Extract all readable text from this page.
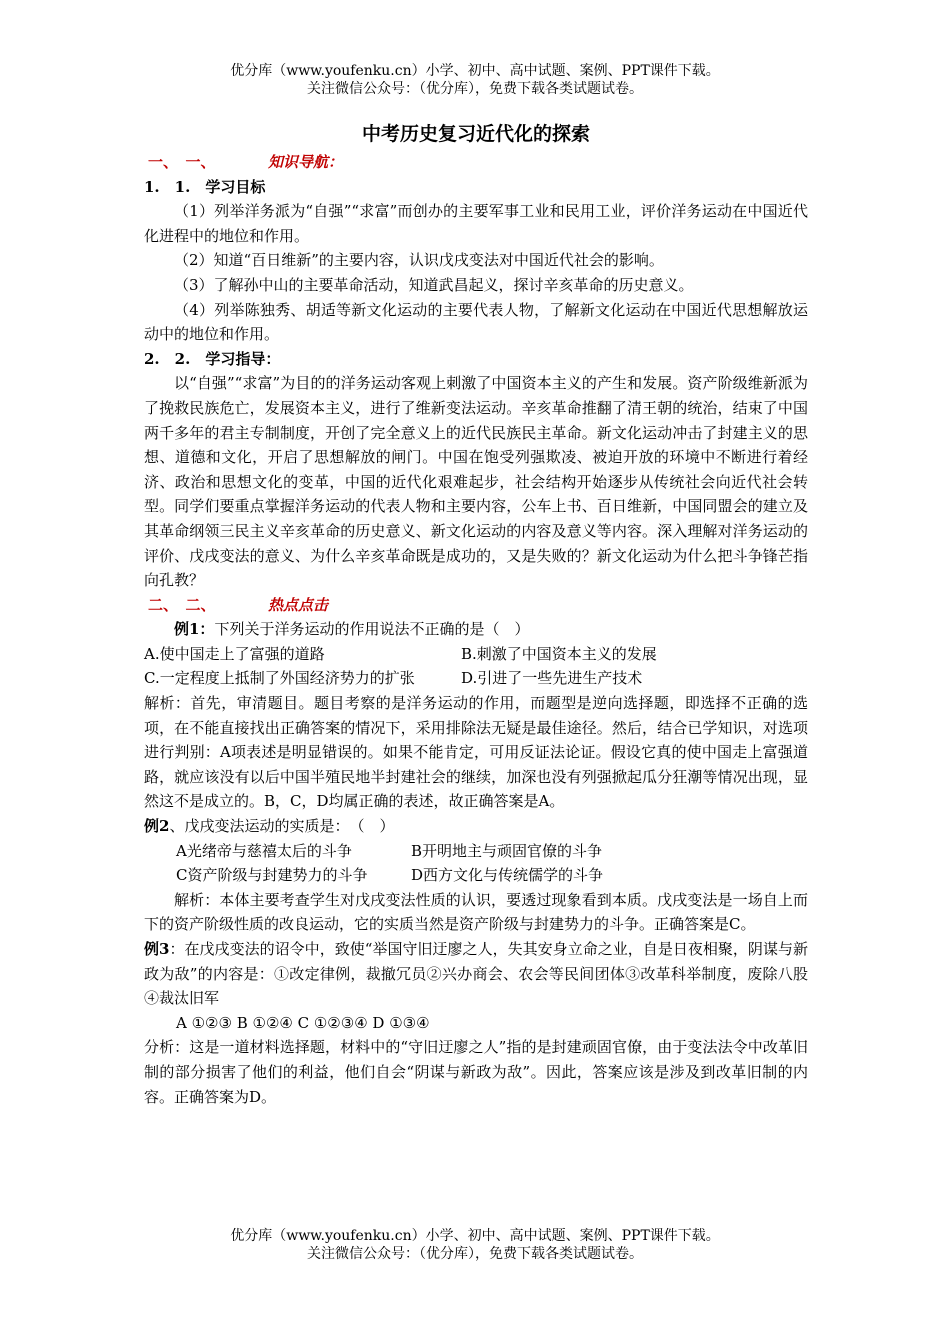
优分库（www.youfenku.cn）小学、初中、高中试题、案例、PPT课件下载。
关注微信公众号：（优分库），免费下载各类试题试卷。
中考历史复习近代化的探索

一、　一、　　　　知识导航：

1.　1.　学习目标

（1）列举洋务派为“自强”“求富”而创办的主要军事工业和民用工业，评价洋务运动在中国近代化进程中的地位和作用。

（2）知道“百日维新”的主要内容，认识戊戌变法对中国近代社会的影响。

（3）了解孙中山的主要革命活动，知道武昌起义，探讨辛亥革命的历史意义。

（4）列举陈独秀、胡适等新文化运动的主要代表人物，了解新文化运动在中国近代思想解放运动中的地位和作用。

2.　2.　学习指导：

以“自强”“求富”为目的的洋务运动客观上刺激了中国资本主义的产生和发展。资产阶级维新派为了挽救民族危亡，发展资本主义，进行了维新变法运动。辛亥革命推翻了清王朝的统治，结束了中国两千多年的君主专制制度，开创了完全意义上的近代民族民主革命。新文化运动冲击了封建主义的思想、道德和文化，开启了思想解放的闸门。中国在饱受列强欺凌、被迫开放的环境中不断进行着经济、政治和思想文化的变革，中国的近代化艰难起步，社会结构开始逐步从传统社会向近代社会转型。同学们要重点掌握洋务运动的代表人物和主要内容，公车上书、百日维新，中国同盟会的建立及其革命纲领三民主义辛亥革命的历史意义、新文化运动的内容及意义等内容。深入理解对洋务运动的评价、戊戌变法的意义、为什么辛亥革命既是成功的，又是失败的？新文化运动为什么把斗争锋芒指向孔教？

二、　二、　　　　热点点击

例1：下列关于洋务运动的作用说法不正确的是（　）

A.使中国走上了富强的道路	B.刺激了中国资本主义的发展
C.一定程度上抵制了外国经济势力的扩张	D.引进了一些先进生产技术

解析：首先，审清题目。题目考察的是洋务运动的作用，而题型是逆向选择题，即选择不正确的选项，在不能直接找出正确答案的情况下，采用排除法无疑是最佳途径。然后，结合已学知识，对选项进行判别：A项表述是明显错误的。如果不能肯定，可用反证法论证。假设它真的使中国走上富强道路，就应该没有以后中国半殖民地半封建社会的继续，加深也没有列强掀起瓜分狂潮等情况出现，显然这不是成立的。B，C，D均属正确的表述，故正确答案是A。

例2、戊戌变法运动的实质是：　（　）

A光绪帝与慈禧太后的斗争	B开明地主与顽固官僚的斗争
C资产阶级与封建势力的斗争	D西方文化与传统儒学的斗争

解析：本体主要考查学生对戊戌变法性质的认识，要透过现象看到本质。戊戌变法是一场自上而下的资产阶级性质的改良运动，它的实质当然是资产阶级与封建势力的斗争。正确答案是C。

例3：在戊戌变法的诏令中，致使“举国守旧迂廖之人，失其安身立命之业，自是日夜相聚，阴谋与新政为敌”的内容是：①改定律例，裁撤冗员②兴办商会、农会等民间团体③改革科举制度，废除八股④裁汰旧军

A ①②③ B ①②④ C ①②③④ D ①③④

分析：这是一道材料选择题，材料中的“守旧迂廖之人”指的是封建顽固官僚，由于变法法令中改革旧制的部分损害了他们的利益，他们自会“阴谋与新政为敌”。因此，答案应该是涉及到改革旧制的内容。正确答案为D。

优分库（www.youfenku.cn）小学、初中、高中试题、案例、PPT课件下载。
关注微信公众号：（优分库），免费下载各类试题试卷。
